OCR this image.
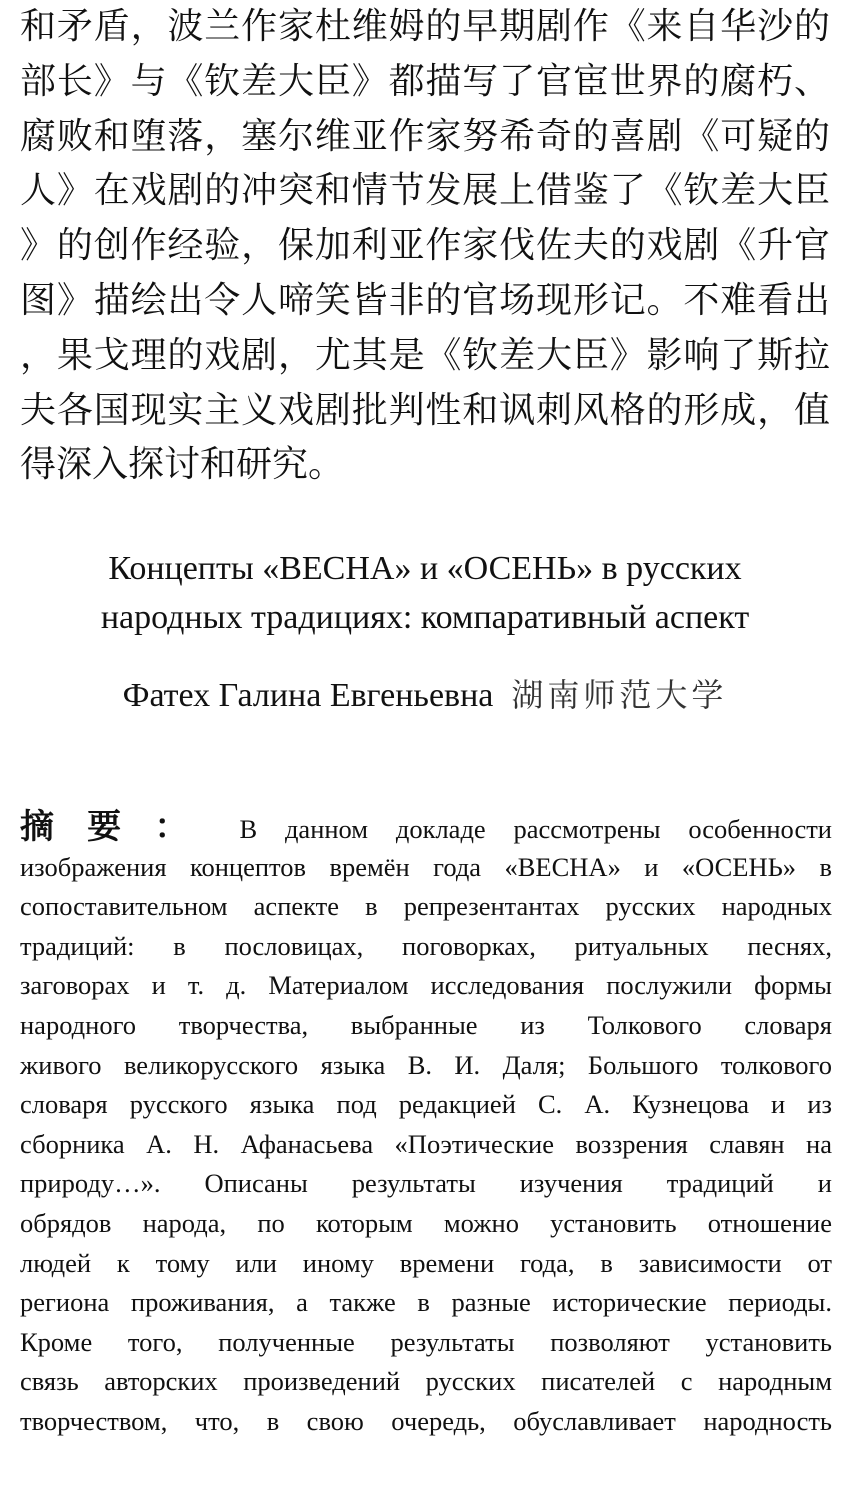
和矛盾，波兰作家杜维姆的早期剧作《来自华沙的
部长》与《钦差大臣》都描写了官宦世界的腐朽、
腐败和堕落，塞尔维亚作家努希奇的喜剧《可疑的
人》在戏剧的冲突和情节发展上借鉴了《钦差大臣
》的创作经验，保加利亚作家伐佐夫的戏剧《升官
图》描绘出令人啼笑皆非的官场现形记。不难看出
，果戈理的戏剧，尤其是《钦差大臣》影响了斯拉
夫各国现实主义戏剧批判性和讽刺风格的形成，值
得深入探讨和研究。
Концепты «ВЕСНА» и «ОСЕНЬ» в русских
народных традициях: компаративный аспект
Фатех Галина Евгеньевна 湖南师范大学
摘要： В данном докладе рассмотрены особенности
изображения концептов времён года «ВЕСНА» и «ОСЕНЬ» в
сопоставительном аспекте в репрезентантах русских народных
традиций: в пословицах, поговорках, ритуальных песнях,
заговорах и т. д. Материалом исследования послужили формы
народного творчества, выбранные из Толкового словаря
живого великорусского языка В. И. Даля; Большого толкового
словаря русского языка под редакцией С. А. Кузнецова и из
сборника А. Н. Афанасьева «Поэтические воззрения славян на
природу…». Описаны результаты изучения традиций и
обрядов народа, по которым можно установить отношение
людей к тому или иному времени года, в зависимости от
региона проживания, а также в разные исторические периоды.
Кроме того, полученные результаты позволяют установить
связь авторских произведений русских писателей с народным
творчеством, что, в свою очередь, обуславливает народность
